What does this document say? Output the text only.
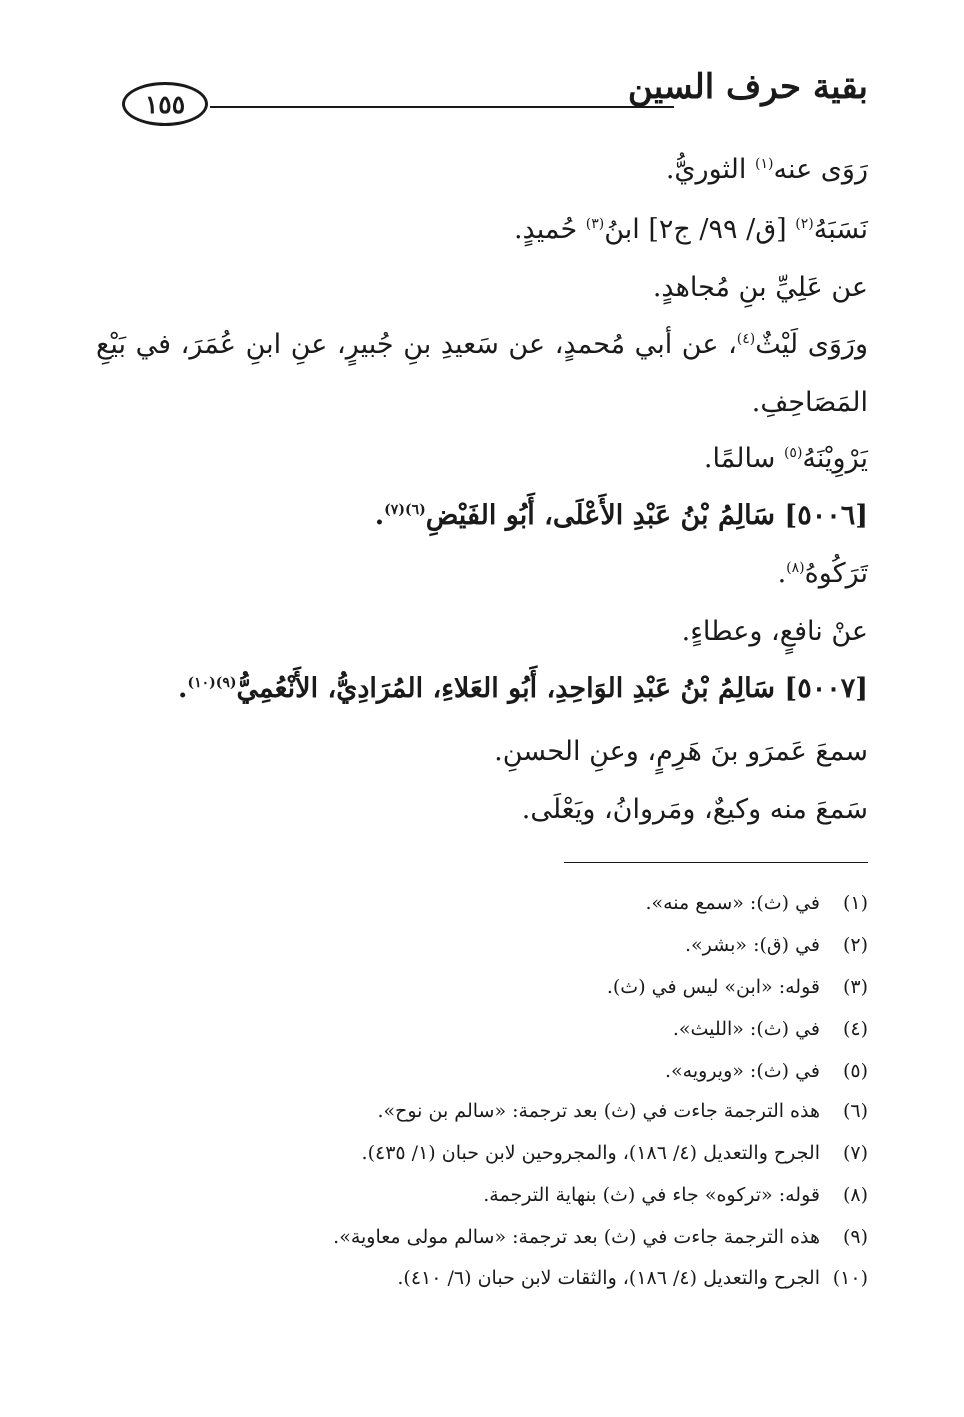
بقية حرف السين
١٥٥
رَوَى عنه$^{(١)}$ الثوريُّ.
نَسَبَهُ$^{(٢)}$ [ق/ ٩٩/ ج٢] ابنُ$^{(٣)}$ حُميدٍ.
عن عَلِيِّ بنِ مُجاهدٍ.
ورَوَى لَيْثٌ$^{(٤)}$، عن أبي مُحمدٍ، عن سَعيدِ بنِ جُبيرٍ، عنِ ابنِ عُمَرَ، في بَيْعِ
المَصَاحِفِ.
يَرْوِيْنَهُ$^{(٥)}$ سالمًا.
[٥٠٠٦] سَالِمُ بْنُ عَبْدِ الأَعْلَى، أَبُو الفَيْضِ$^{(٦)(٧)}$.
تَرَكُوهُ$^{(٨)}$.
عنْ نافعٍ، وعطاءٍ.
[٥٠٠٧] سَالِمُ بْنُ عَبْدِ الوَاحِدِ، أَبُو العَلاءِ، المُرَادِيُّ، الأَنْعُمِيُّ$^{(٩)(١٠)}$.
سمعَ عَمرَو بنَ هَرِمٍ، وعنِ الحسنِ.
سَمعَ منه وكيعٌ، ومَروانُ، ويَعْلَى.
(١)في (ث): «سمع منه».
(٢)في (ق): «بشر».
(٣)قوله: «ابن» ليس في (ث).
(٤)في (ث): «الليث».
(٥)في (ث): «ويرويه».
(٦)هذه الترجمة جاءت في (ث) بعد ترجمة: «سالم بن نوح».
(٧)الجرح والتعديل (٤/ ١٨٦)، والمجروحين لابن حبان (١/ ٤٣٥).
(٨)قوله: «تركوه» جاء في (ث) بنهاية الترجمة.
(٩)هذه الترجمة جاءت في (ث) بعد ترجمة: «سالم مولى معاوية».
(١٠)الجرح والتعديل (٤/ ١٨٦)، والثقات لابن حبان (٦/ ٤١٠).
